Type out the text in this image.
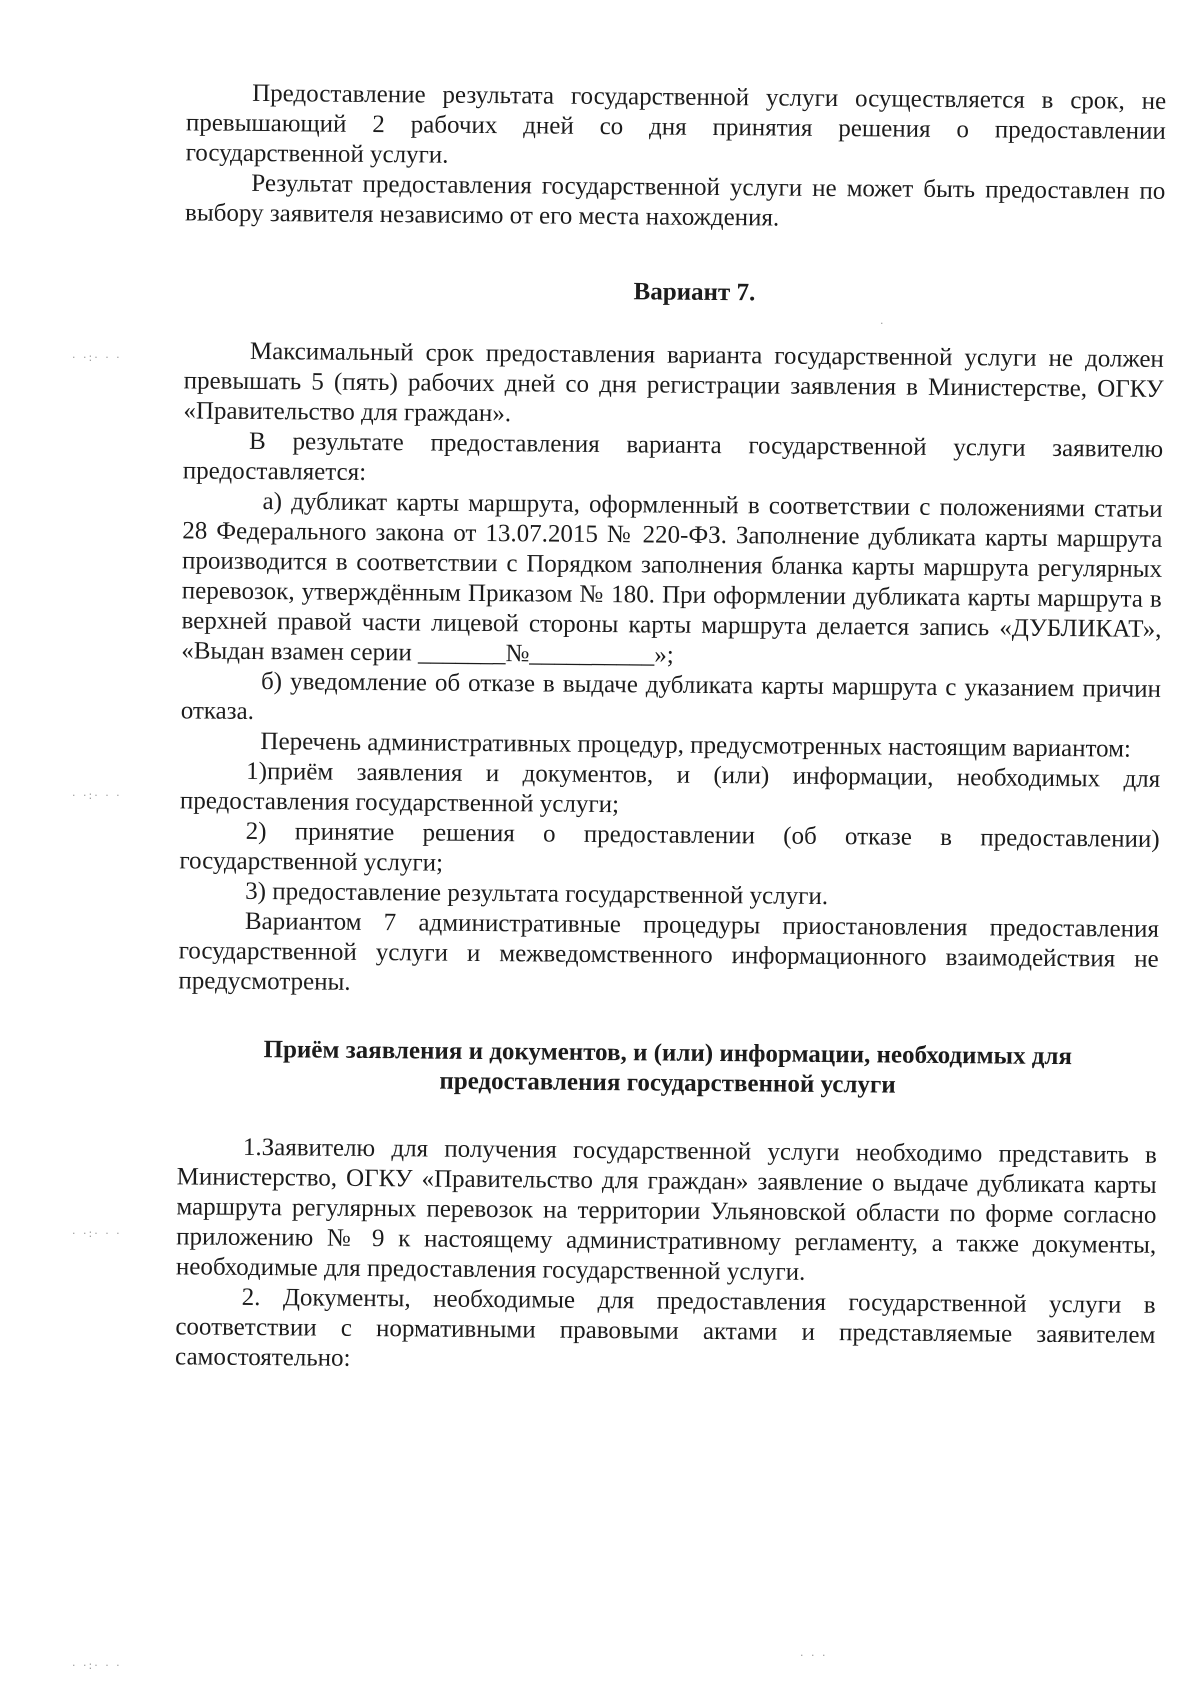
Предоставление результата государственной услуги осуществляется в срок, не превышающий 2 рабочих дней со дня принятия решения о предоставлении государственной услуги.

Результат предоставления государственной услуги не может быть предоставлен по выбору заявителя независимо от его места нахождения.

Вариант 7.

Максимальный срок предоставления варианта государственной услуги не должен превышать 5 (пять) рабочих дней со дня регистрации заявления в Министерстве, ОГКУ «Правительство для граждан».

В результате предоставления варианта государственной услуги заявителю предоставляется:

а) дубликат карты маршрута, оформленный в соответствии с положениями статьи 28 Федерального закона от 13.07.2015 № 220-ФЗ. Заполнение дубликата карты маршрута производится в соответствии с Порядком заполнения бланка карты маршрута регулярных перевозок, утверждённым Приказом № 180. При оформлении дубликата карты маршрута в верхней правой части лицевой стороны карты маршрута делается запись «ДУБЛИКАТ», «Выдан взамен серии _______№__________»;

б) уведомление об отказе в выдаче дубликата карты маршрута с указанием причин отказа.

Перечень административных процедур, предусмотренных настоящим вариантом:

1)приём заявления и документов, и (или) информации, необходимых для предоставления государственной услуги;

2) принятие решения о предоставлении (об отказе в предоставлении) государственной услуги;

3) предоставление результата государственной услуги.

Вариантом 7 административные процедуры приостановления предоставления государственной услуги и межведомственного информационного взаимодействия не предусмотрены.

Приём заявления и документов, и (или) информации, необходимых для предоставления государственной услуги

1.Заявителю для получения государственной услуги необходимо представить в Министерство, ОГКУ «Правительство для граждан» заявление о выдаче дубликата карты маршрута регулярных перевозок на территории Ульяновской области по форме согласно приложению № 9 к настоящему административному регламенту, а также документы, необходимые для предоставления государственной услуги.

2. Документы, необходимые для предоставления государственной услуги в соответствии с нормативными правовыми актами и представляемые заявителем самостоятельно:

· ·:· · ·
· ·:· · ·
· ·:· · ·
· ·:· · ·
·
· · ·
